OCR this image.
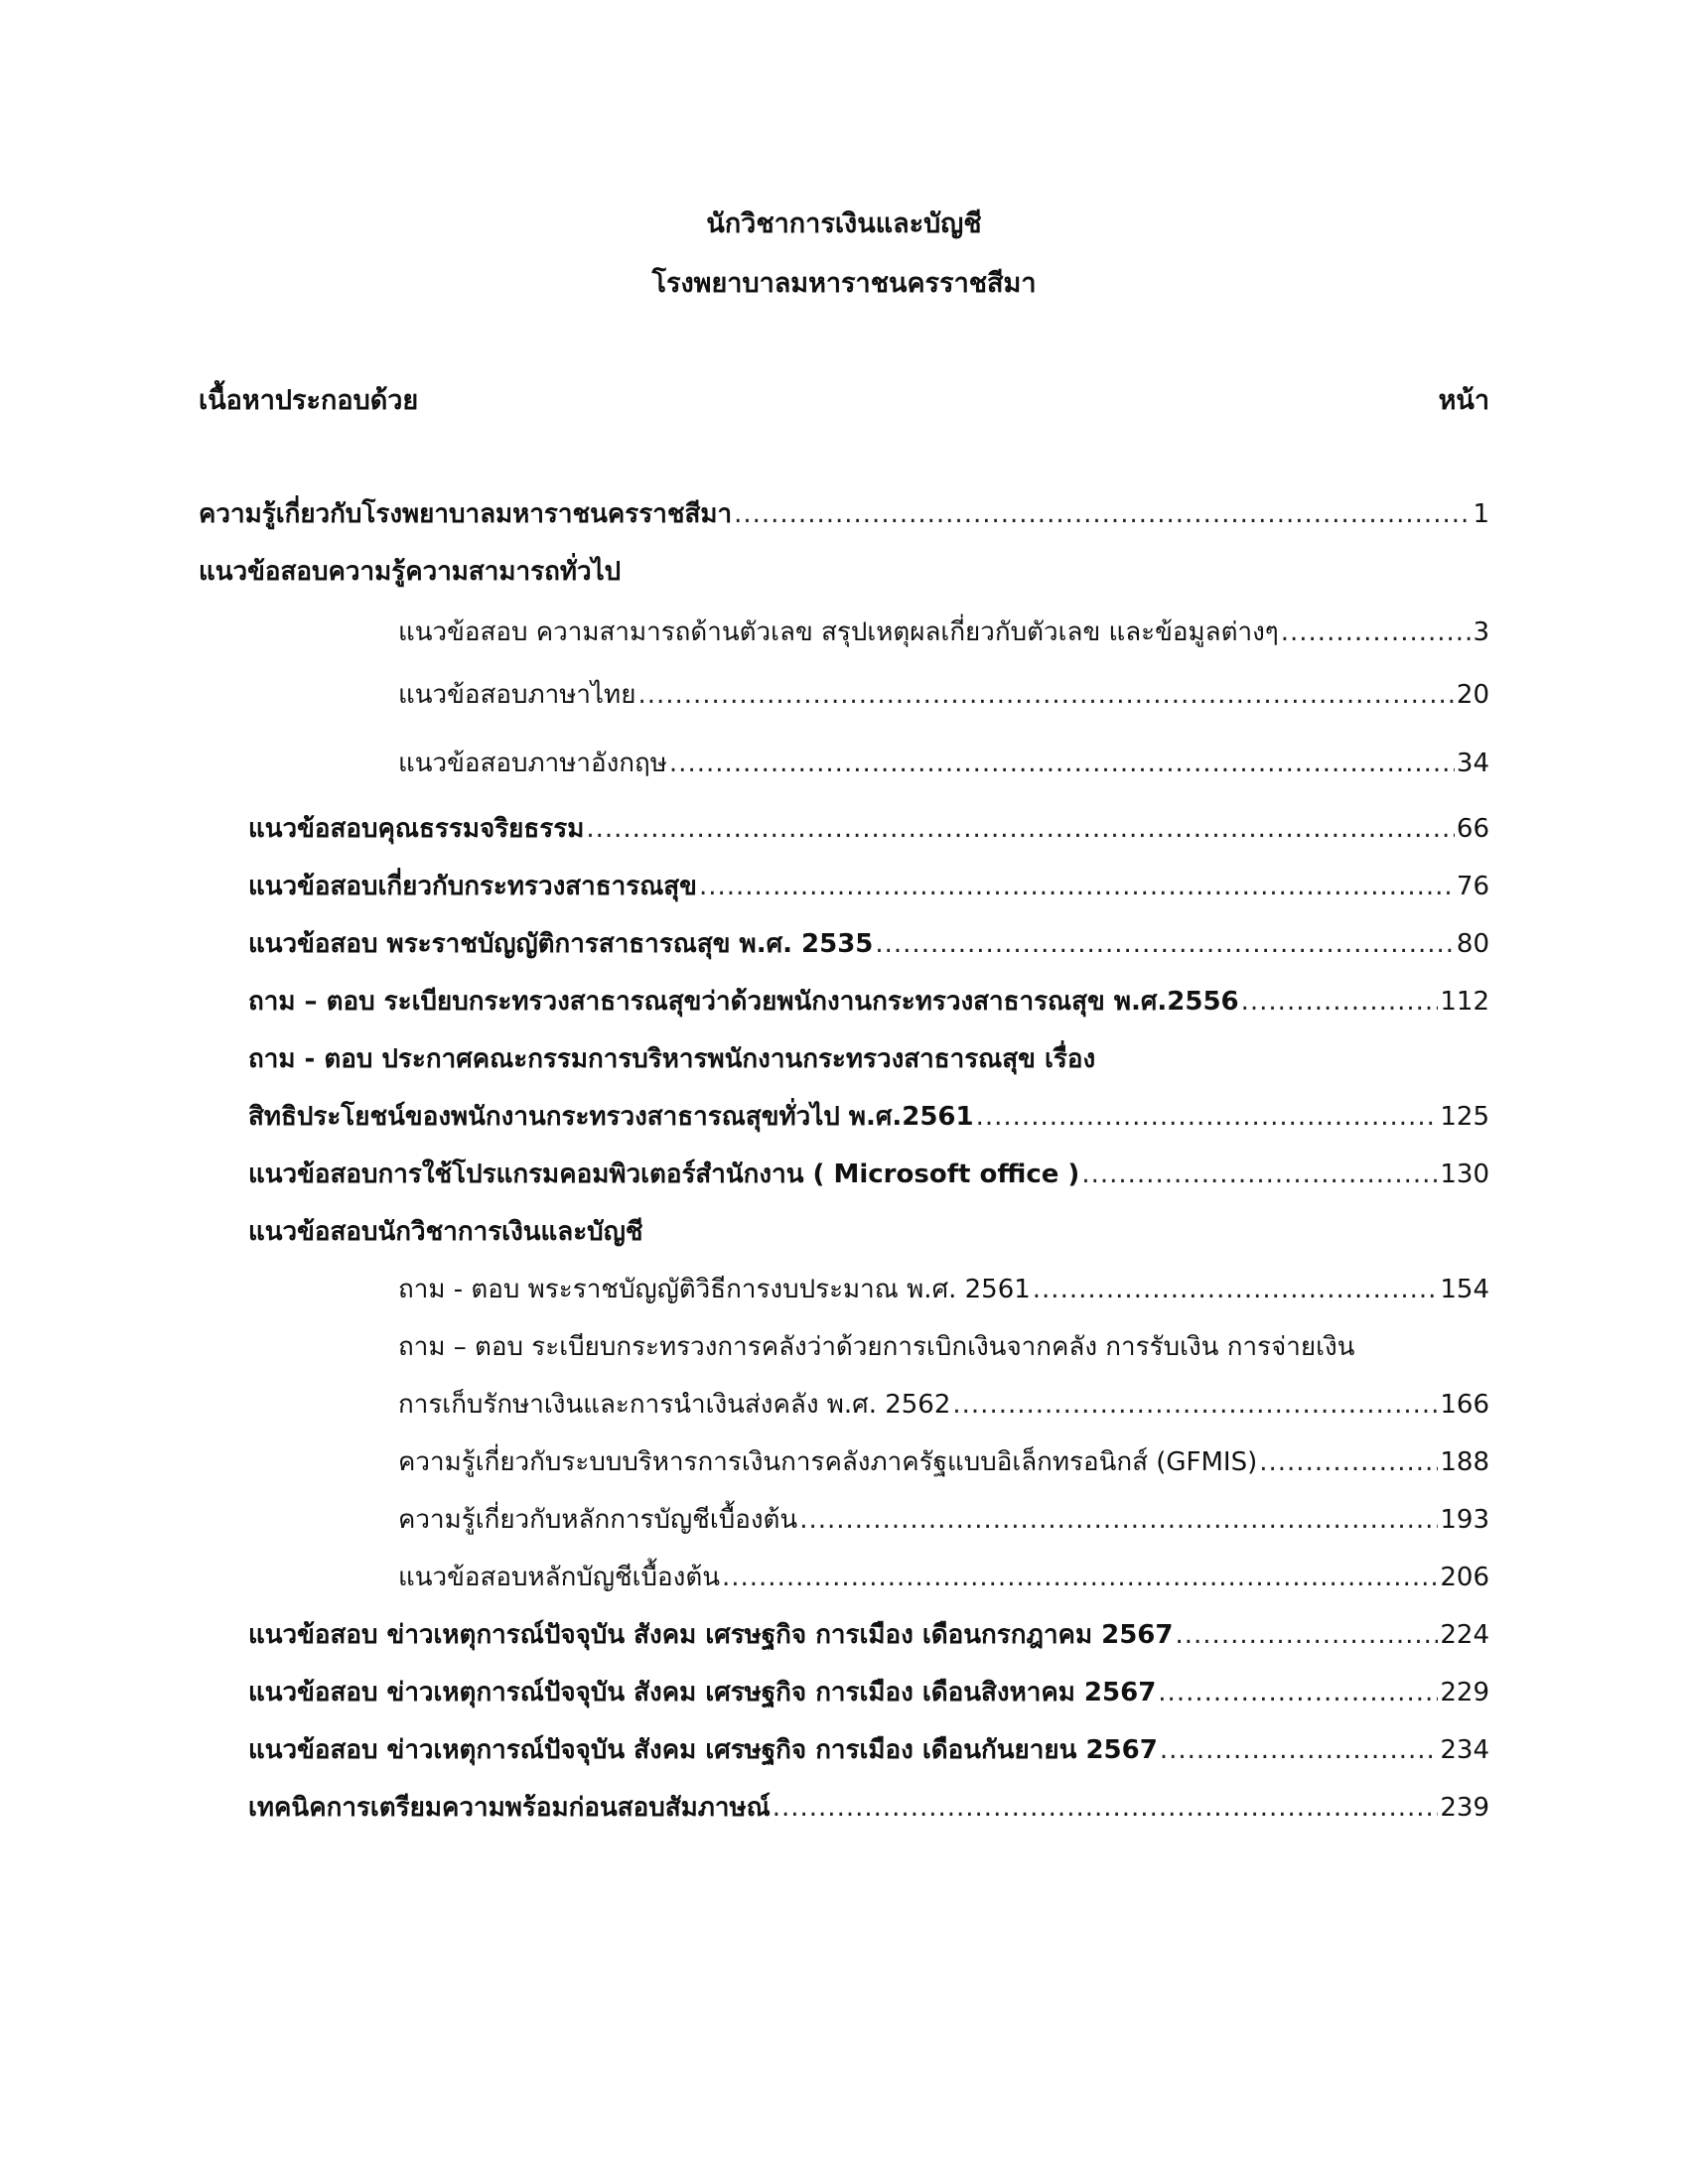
นักวิชาการเงินและบัญชี
โรงพยาบาลมหาราชนครราชสีมา
เนื้อหาประกอบด้วย	หน้า
ความรู้เกี่ยวกับโรงพยาบาลมหาราชนครราชสีมา .....	1
แนวข้อสอบความรู้ความสามารถทั่วไป
แนวข้อสอบ ความสามารถด้านตัวเลข สรุปเหตุผลเกี่ยวกับตัวเลข และข้อมูลต่างๆ .....	3
แนวข้อสอบภาษาไทย .....	20
แนวข้อสอบภาษาอังกฤษ .....	34
แนวข้อสอบคุณธรรมจริยธรรม .....	66
แนวข้อสอบเกี่ยวกับกระทรวงสาธารณสุข .....	76
แนวข้อสอบ พระราชบัญญัติการสาธารณสุข พ.ศ. 2535 .....	80
ถาม – ตอบ ระเบียบกระทรวงสาธารณสุขว่าด้วยพนักงานกระทรวงสาธารณสุข พ.ศ.2556 .....	112
ถาม - ตอบ ประกาศคณะกรรมการบริหารพนักงานกระทรวงสาธารณสุข เรื่อง
สิทธิประโยชน์ของพนักงานกระทรวงสาธารณสุขทั่วไป พ.ศ.2561 .....	125
แนวข้อสอบการใช้โปรแกรมคอมพิวเตอร์สำนักงาน ( Microsoft office ) .....	130
แนวข้อสอบนักวิชาการเงินและบัญชี
ถาม - ตอบ พระราชบัญญัติวิธีการงบประมาณ พ.ศ. 2561 .....	154
ถาม – ตอบ ระเบียบกระทรวงการคลังว่าด้วยการเบิกเงินจากคลัง การรับเงิน การจ่ายเงิน
การเก็บรักษาเงินและการนำเงินส่งคลัง พ.ศ. 2562 .....	166
ความรู้เกี่ยวกับระบบบริหารการเงินการคลังภาครัฐแบบอิเล็กทรอนิกส์ (GFMIS) .....	188
ความรู้เกี่ยวกับหลักการบัญชีเบื้องต้น .....	193
แนวข้อสอบหลักบัญชีเบื้องต้น .....	206
แนวข้อสอบ ข่าวเหตุการณ์ปัจจุบัน สังคม เศรษฐกิจ การเมือง เดือนกรกฎาคม 2567 .....	224
แนวข้อสอบ ข่าวเหตุการณ์ปัจจุบัน สังคม เศรษฐกิจ การเมือง เดือนสิงหาคม 2567 .....	229
แนวข้อสอบ ข่าวเหตุการณ์ปัจจุบัน สังคม เศรษฐกิจ การเมือง เดือนกันยายน 2567 .....	234
เทคนิคการเตรียมความพร้อมก่อนสอบสัมภาษณ์ .....	239
